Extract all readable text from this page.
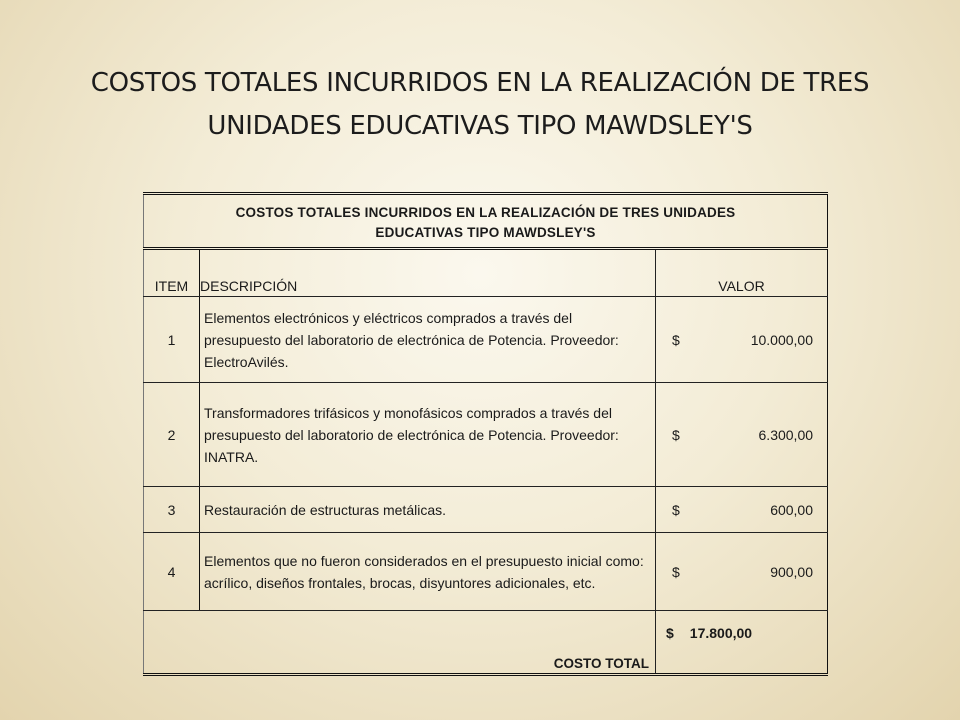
COSTOS TOTALES INCURRIDOS EN LA REALIZACIÓN DE TRES
UNIDADES EDUCATIVAS TIPO MAWDSLEY'S
COSTOS TOTALES INCURRIDOS EN LA REALIZACIÓN DE TRES UNIDADES
EDUCATIVAS TIPO MAWDSLEY'S		

ITEM	DESCRIPCIÓN	VALOR
1	Elementos electrónicos y eléctricos comprados a través del presupuesto del laboratorio de electrónica de Potencia. Proveedor: ElectroAvilés.	$ 10.000,00

2	Transformadores trifásicos y monofásicos comprados a través del presupuesto del laboratorio de electrónica de Potencia. Proveedor: INATRA.	$ 6.300,00

3	Restauración de estructuras metálicas.	$ 600,00

4	Elementos que no fueron considerados en el presupuesto inicial como: acrílico, diseños frontales, brocas, disyuntores adicionales, etc.	$ 900,00

COSTO TOTAL		$ 17.800,00
